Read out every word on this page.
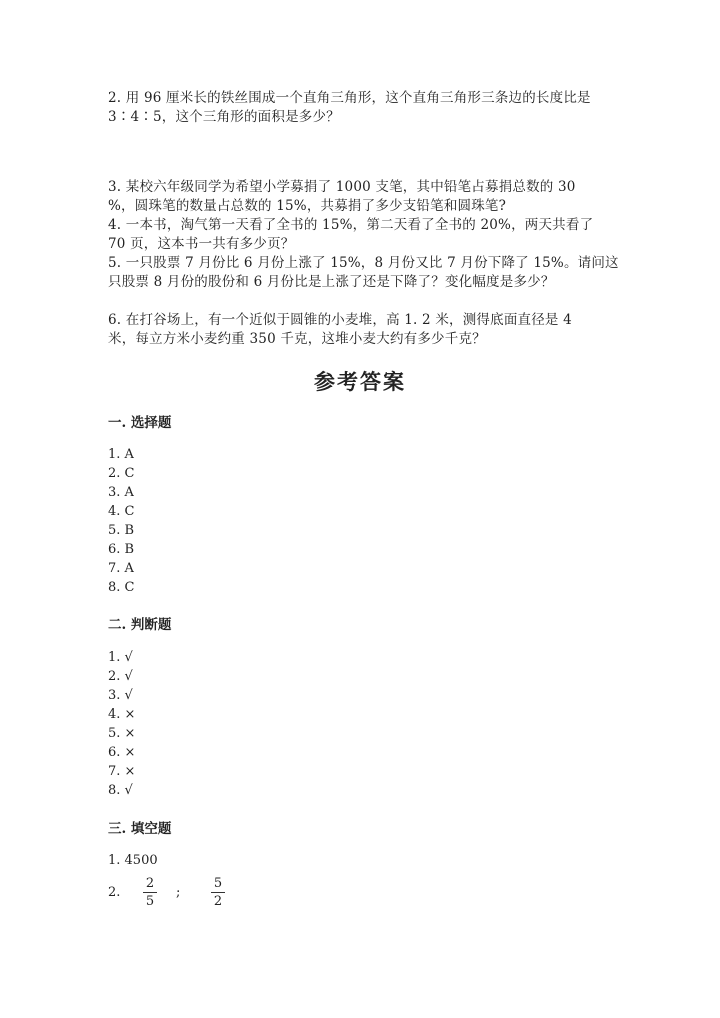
2. 用 96 厘米长的铁丝围成一个直角三角形，这个直角三角形三条边的长度比是
3∶4∶5，这个三角形的面积是多少？
3. 某校六年级同学为希望小学募捐了 1000 支笔，其中铅笔占募捐总数的 30
%，圆珠笔的数量占总数的 15%，共募捐了多少支铅笔和圆珠笔?
4. 一本书，淘气第一天看了全书的 15%，第二天看了全书的 20%，两天共看了
70 页，这本书一共有多少页？
5. 一只股票 7 月份比 6 月份上涨了 15%，8 月份又比 7 月份下降了 15%。请问这
只股票 8 月份的股份和 6 月份比是上涨了还是下降了？变化幅度是多少？
6. 在打谷场上，有一个近似于圆锥的小麦堆，高 1. 2 米，测得底面直径是 4
米，每立方米小麦约重 350 千克，这堆小麦大约有多少千克？
参考答案
一. 选择题
1. A
2. C
3. A
4. C
5. B
6. B
7. A
8. C
二. 判断题
1. √
2. √
3. √
4. ×
5. ×
6. ×
7. ×
8. √
三. 填空题
1. 4500
2.
2
5
;
5
2
